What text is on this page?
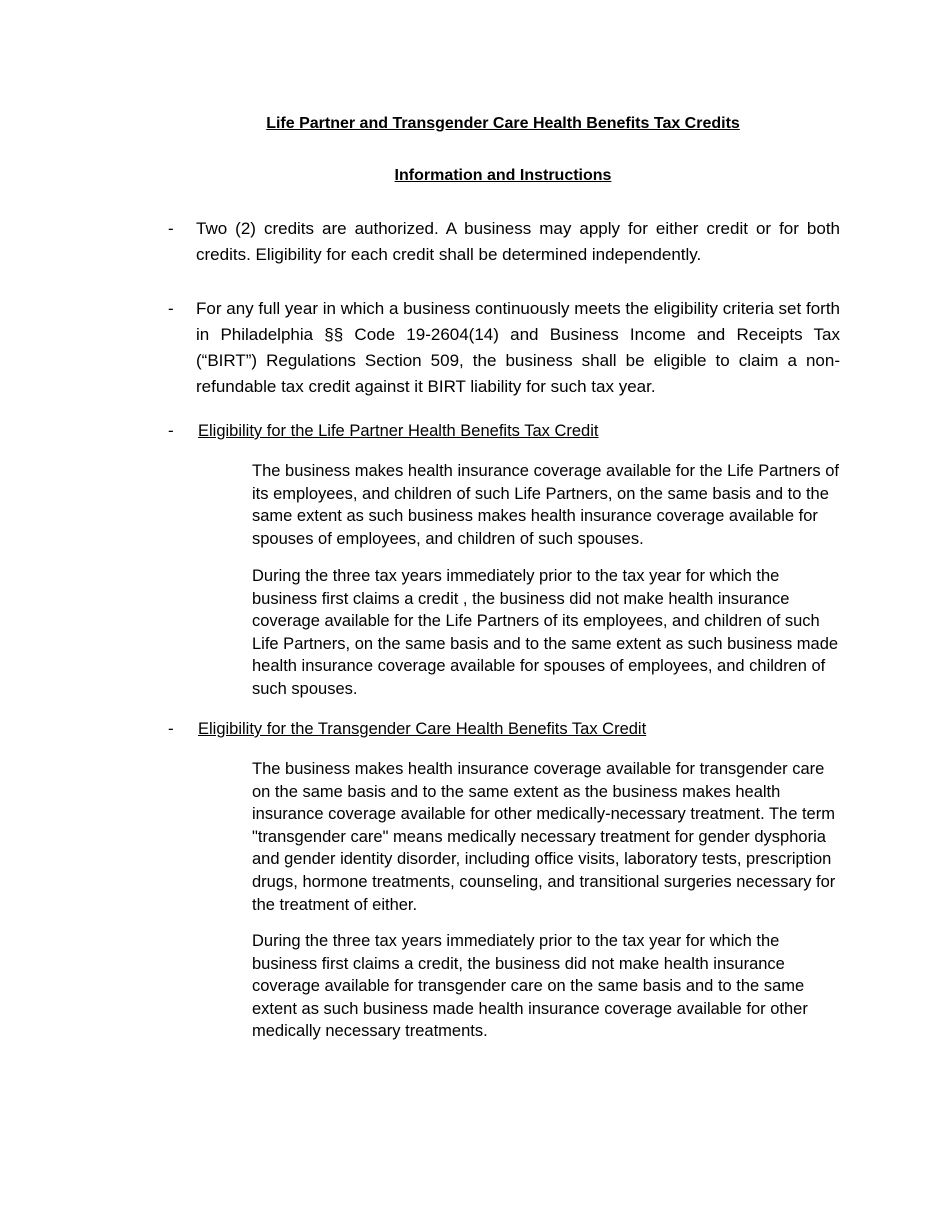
Life Partner and Transgender Care Health Benefits Tax Credits
Information and Instructions
- Two (2) credits are authorized. A business may apply for either credit or for both credits. Eligibility for each credit shall be determined independently.
- For any full year in which a business continuously meets the eligibility criteria set forth in Philadelphia §§ Code 19-2604(14) and Business Income and Receipts Tax (“BIRT”) Regulations Section 509, the business shall be eligible to claim a non-refundable tax credit against it BIRT liability for such tax year.
- Eligibility for the Life Partner Health Benefits Tax Credit
The business makes health insurance coverage available for the Life Partners of its employees, and children of such Life Partners, on the same basis and to the same extent as such business makes health insurance coverage available for spouses of employees, and children of such spouses.
During the three tax years immediately prior to the tax year for which the business first claims a credit , the business did not make health insurance coverage available for the Life Partners of its employees, and children of such Life Partners, on the same basis and to the same extent as such business made health insurance coverage available for spouses of employees, and children of such spouses.
- Eligibility for the Transgender Care Health Benefits Tax Credit
The business makes health insurance coverage available for transgender care on the same basis and to the same extent as the business makes health insurance coverage available for other medically-necessary treatment. The term "transgender care" means medically necessary treatment for gender dysphoria and gender identity disorder, including office visits, laboratory tests, prescription drugs, hormone treatments, counseling, and transitional surgeries necessary for the treatment of either.
During the three tax years immediately prior to the tax year for which the business first claims a credit, the business did not make health insurance coverage available for transgender care on the same basis and to the same extent as such business made health insurance coverage available for other medically necessary treatments.
